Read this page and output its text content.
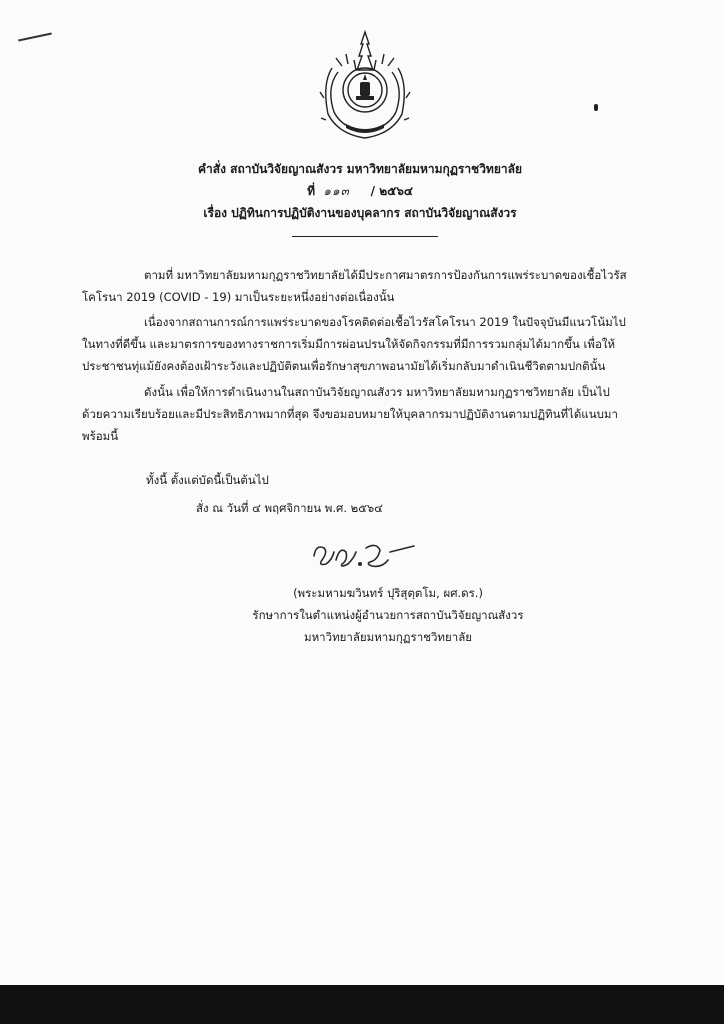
คำสั่ง สถาบันวิจัยญาณสังวร มหาวิทยาลัยมหามกุฏราชวิทยาลัย
ที่ ๑๑๓ / ๒๕๖๔
เรื่อง ปฏิทินการปฏิบัติงานของบุคลากร สถาบันวิจัยญาณสังวร
ตามที่ มหาวิทยาลัยมหามกุฏราชวิทยาลัยได้มีประกาศมาตรการป้องกันการแพร่ระบาดของเชื้อไวรัส
โคโรนา 2019 (COVID - 19) มาเป็นระยะหนึ่งอย่างต่อเนื่องนั้น
เนื่องจากสถานการณ์การแพร่ระบาดของโรคติดต่อเชื้อไวรัสโคโรนา 2019 ในปัจจุบันมีแนวโน้มไป
ในทางที่ดีขึ้น และมาตรการของทางราชการเริ่มมีการผ่อนปรนให้จัดกิจกรรมที่มีการรวมกลุ่มได้มากขึ้น เพื่อให้
ประชาชนทุ่แม้ยังคงต้องเฝ้าระวังและปฏิบัติตนเพื่อรักษาสุขภาพอนามัยได้เริ่มกลับมาดำเนินชีวิตตามปกตินั้น
ดังนั้น เพื่อให้การดำเนินงานในสถาบันวิจัยญาณสังวร มหาวิทยาลัยมหามกุฏราชวิทยาลัย เป็นไป
ด้วยความเรียบร้อยและมีประสิทธิภาพมากที่สุด จึงขอมอบหมายให้บุคลากรมาปฏิบัติงานตามปฏิทินที่ได้แนบมา
พร้อมนี้
ทั้งนี้ ตั้งแต่บัดนี้เป็นต้นไป
สั่ง ณ วันที่ ๔ พฤศจิกายน พ.ศ. ๒๕๖๔
(พระมหามฆวินทร์ ปุริสุตฺตโม, ผศ.ดร.)
รักษาการในตำแหน่งผู้อำนวยการสถาบันวิจัยญาณสังวร
มหาวิทยาลัยมหามกุฏราชวิทยาลัย
